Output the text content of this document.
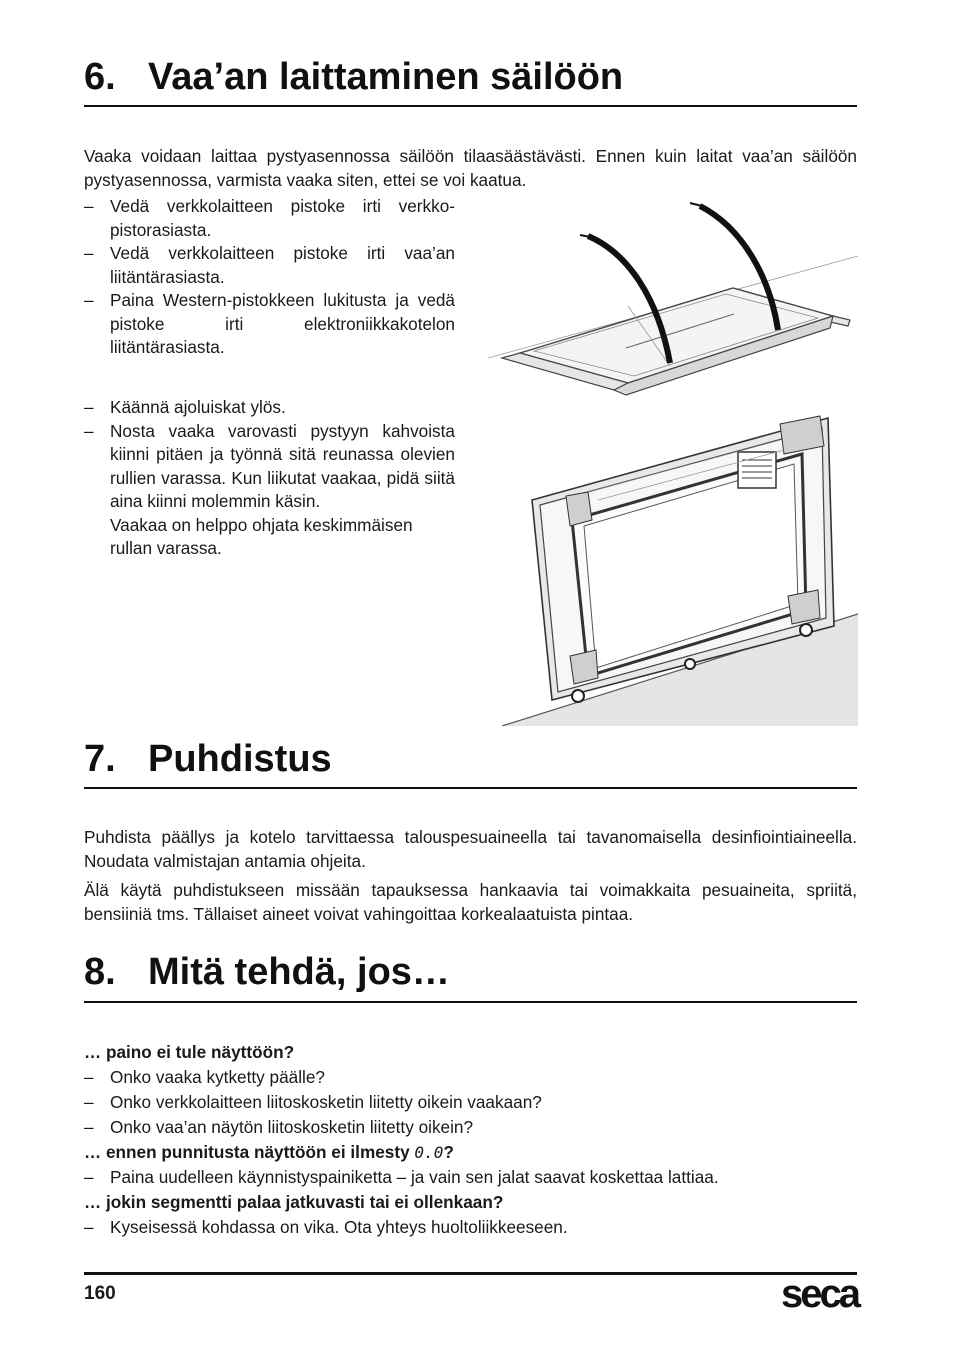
6. Vaa’an laittaminen säilöön

Vaaka voidaan laittaa pystyasennossa säilöön tilaasäästävästi. Ennen kuin laitat vaa’an säilöön pystyasennossa, varmista vaaka siten, ettei se voi kaatua.

– Vedä verkkolaitteen pistoke irti verkko-pistorasiasta.
– Vedä verkkolaitteen pistoke irti vaa’an liitäntärasiasta.
– Paina Western-pistokkeen lukitusta ja vedä pistoke irti elektroniikkakotelon liitäntärasiasta.
– Käännä ajoluiskat ylös.
– Nosta vaaka varovasti pystyyn kahvoista kiinni pitäen ja työnnä sitä reunassa olevien rullien varassa. Kun liikutat vaakaa, pidä siitä aina kiinni molemmin käsin.
Vaakaa on helppo ohjata keskimmäisen rullan varassa.
7. Puhdistus

Puhdista päällys ja kotelo tarvittaessa talouspesuaineella tai tavanomaisella desinfiointiaineella. Noudata valmistajan antamia ohjeita.

Älä käytä puhdistukseen missään tapauksessa hankaavia tai voimakkaita pesuaineita, spriitä, bensiiniä tms. Tällaiset aineet voivat vahingoittaa korkealaatuista pintaa.

8. Mitä tehdä, jos…
… paino ei tule näyttöön?
– Onko vaaka kytketty päälle?
– Onko verkkolaitteen liitoskosketin liitetty oikein vaakaan?
– Onko vaa’an näytön liitoskosketin liitetty oikein?
… ennen punnitusta näyttöön ei ilmesty 0.0?
– Paina uudelleen käynnistyspainiketta – ja vain sen jalat saavat koskettaa lattiaa.
… jokin segmentti palaa jatkuvasti tai ei ollenkaan?
– Kyseisessä kohdassa on vika. Ota yhteys huoltoliikkeeseen.
160	seca
